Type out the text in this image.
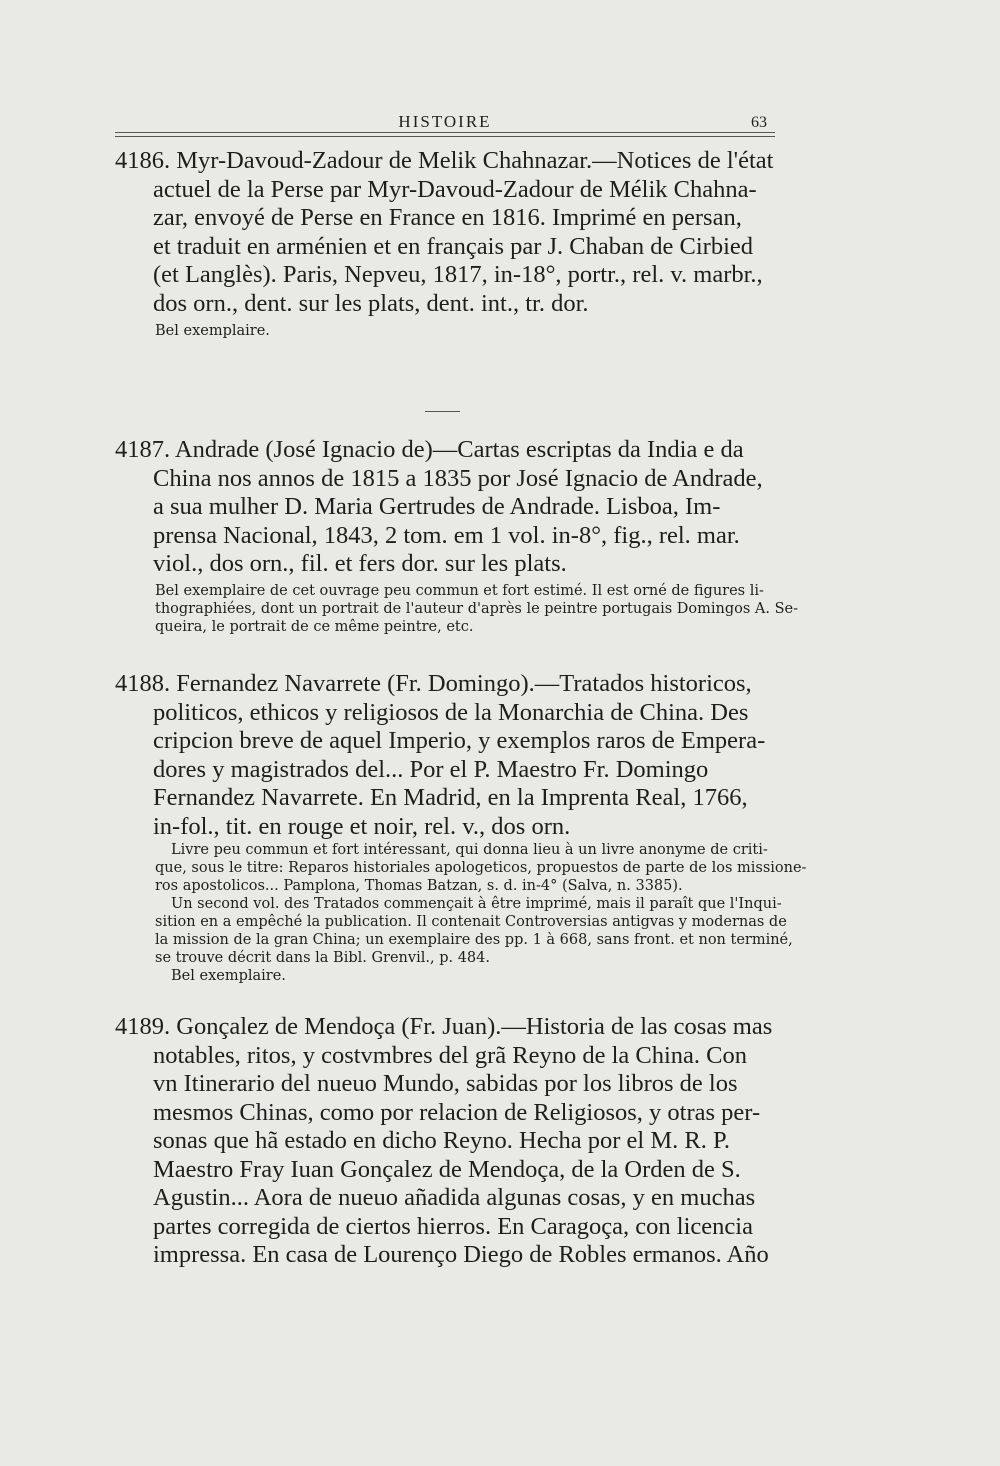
HISTOIRE	63
4186. Myr-Davoud-Zadour de Melik Chahnazar.—Notices de l'état
actuel de la Perse par Myr-Davoud-Zadour de Mélik Chahna-
zar, envoyé de Perse en France en 1816. Imprimé en persan,
et traduit en arménien et en français par J. Chaban de Cirbied
(et Langlès). Paris, Nepveu, 1817, in-18°, portr., rel. v. marbr.,
dos orn., dent. sur les plats, dent. int., tr. dor.
Bel exemplaire.
4187. Andrade (José Ignacio de)—Cartas escriptas da India e da
China nos annos de 1815 a 1835 por José Ignacio de Andrade,
a sua mulher D. Maria Gertrudes de Andrade. Lisboa, Im-
prensa Nacional, 1843, 2 tom. em 1 vol. in-8°, fig., rel. mar.
viol., dos orn., fil. et fers dor. sur les plats.
Bel exemplaire de cet ouvrage peu commun et fort estimé. Il est orné de figures li-
thographiées, dont un portrait de l'auteur d'après le peintre portugais Domingos A. Se-
queira, le portrait de ce même peintre, etc.
4188. Fernandez Navarrete (Fr. Domingo).—Tratados historicos,
politicos, ethicos y religiosos de la Monarchia de China. Des
cripcion breve de aquel Imperio, y exemplos raros de Empera-
dores y magistrados del... Por el P. Maestro Fr. Domingo
Fernandez Navarrete. En Madrid, en la Imprenta Real, 1766,
in-fol., tit. en rouge et noir, rel. v., dos orn.
Livre peu commun et fort intéressant, qui donna lieu à un livre anonyme de criti-
que, sous le titre: Reparos historiales apologeticos, propuestos de parte de los missione-
ros apostolicos... Pamplona, Thomas Batzan, s. d. in-4° (Salva, n. 3385).
Un second vol. des Tratados commençait à être imprimé, mais il paraît que l'Inqui-
sition en a empêché la publication. Il contenait Controversias antigvas y modernas de
la mission de la gran China; un exemplaire des pp. 1 à 668, sans front. et non terminé,
se trouve décrit dans la Bibl. Grenvil., p. 484.
Bel exemplaire.
4189. Gonçalez de Mendoça (Fr. Juan).—Historia de las cosas mas
notables, ritos, y costvmbres del grã Reyno de la China. Con
vn Itinerario del nueuo Mundo, sabidas por los libros de los
mesmos Chinas, como por relacion de Religiosos, y otras per-
sonas que hã estado en dicho Reyno. Hecha por el M. R. P.
Maestro Fray Iuan Gonçalez de Mendoça, de la Orden de S.
Agustin... Aora de nueuo añadida algunas cosas, y en muchas
partes corregida de ciertos hierros. En Caragoça, con licencia
impressa. En casa de Lourenço Diego de Robles ermanos. Año
